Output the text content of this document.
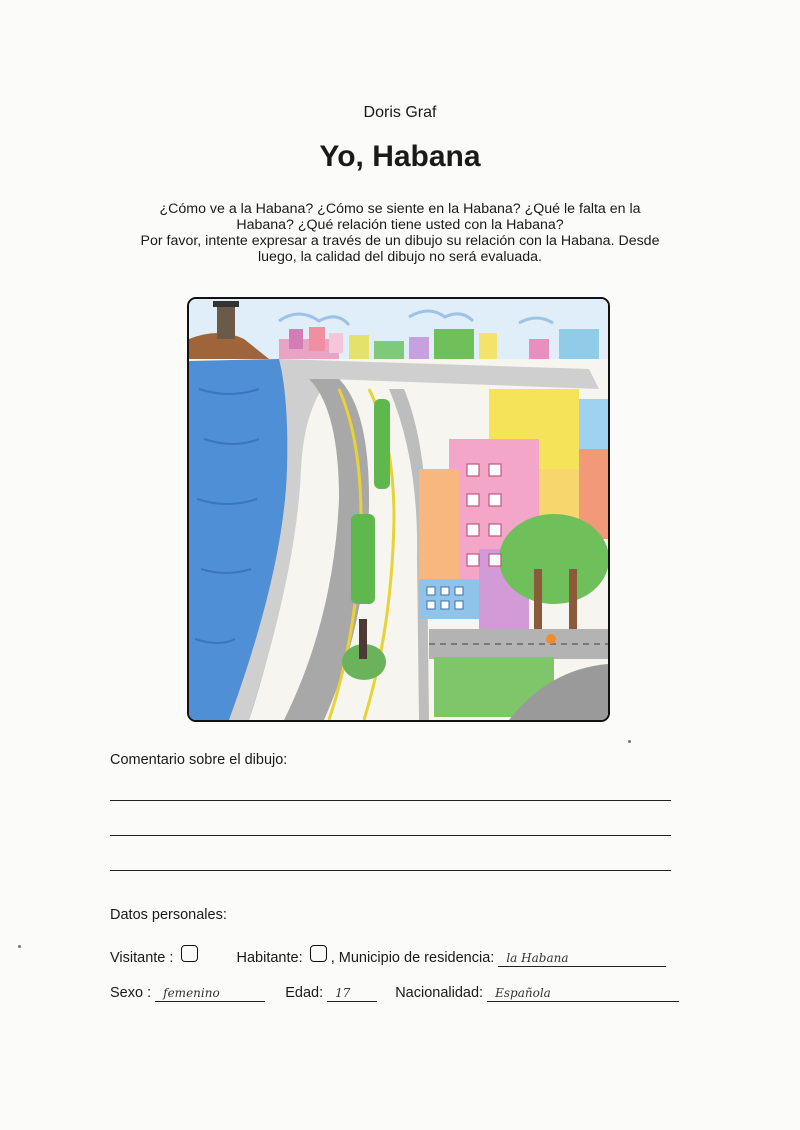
Doris Graf
Yo, Habana
¿Cómo ve a la Habana? ¿Cómo se siente en la Habana? ¿Qué le falta en la
Habana? ¿Qué relación tiene usted con la Habana?
Por favor, intente expresar a través de un dibujo su relación con la Habana. Desde
luego, la calidad del dibujo no será evaluada.
Comentario sobre el dibujo:
Datos personales:
Visitante :	Habitante: , Municipio de residencia: la Habana
Sexo : femenino	Edad: 17	Nacionalidad: Española
